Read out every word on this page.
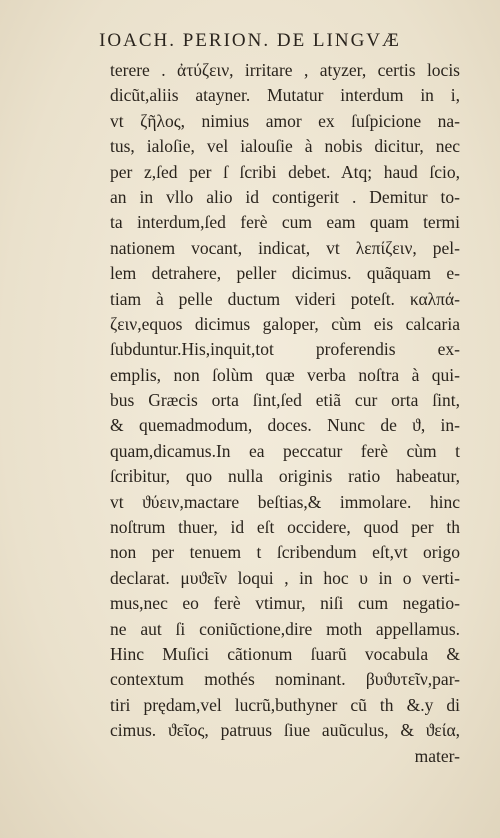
IOACH. PERION. DE LINGVÆ
terere . ἀτύζειν, irritare , atyzer, certis locis
dicũt,aliis atayner. Mutatur interdum in i,
vt ζῆλος, nimius amor ex ſuſpicione na-
tus, ialoſie, vel ialouſie à nobis dicitur, nec
per z,ſed per ſ ſcribi debet. Atq; haud ſcio,
an in vllo alio id contigerit . Demitur to-
ta interdum,ſed ferè cum eam quam termi
nationem vocant, indicat, vt λεπίζειν, pel-
lem detrahere, peller dicimus. quãquam e-
tiam à pelle ductum videri poteſt. καλπά-
ζειν,equos dicimus galoper, cùm eis calcaria
ſubduntur.His,inquit,tot proferendis ex-
emplis, non ſolùm quæ verba noſtra à qui-
bus Græcis orta ſint,ſed etiã cur orta ſint,
& quemadmodum, doces. Nunc de ϑ, in-
quam,dicamus.In ea peccatur ferè cùm t
ſcribitur, quo nulla originis ratio habeatur,
vt ϑύειν,mactare beſtias,& immolare. hinc
noſtrum thuer, id eſt occidere, quod per th
non per tenuem t ſcribendum eſt,vt origo
declarat. μυϑεῖν loqui , in hoc υ in o verti-
mus,nec eo ferè vtimur, niſi cum negatio-
ne aut ſi coniũctione,dire moth appellamus.
Hinc Muſici cãtionum ſuarũ vocabula &
contextum mothés nominant. βυϑυτεῖν,par-
tiri prędam,vel lucrũ,buthyner cũ th &.y di
cimus. ϑεῖος, patruus ſiue auũculus, & ϑεία,
mater-
